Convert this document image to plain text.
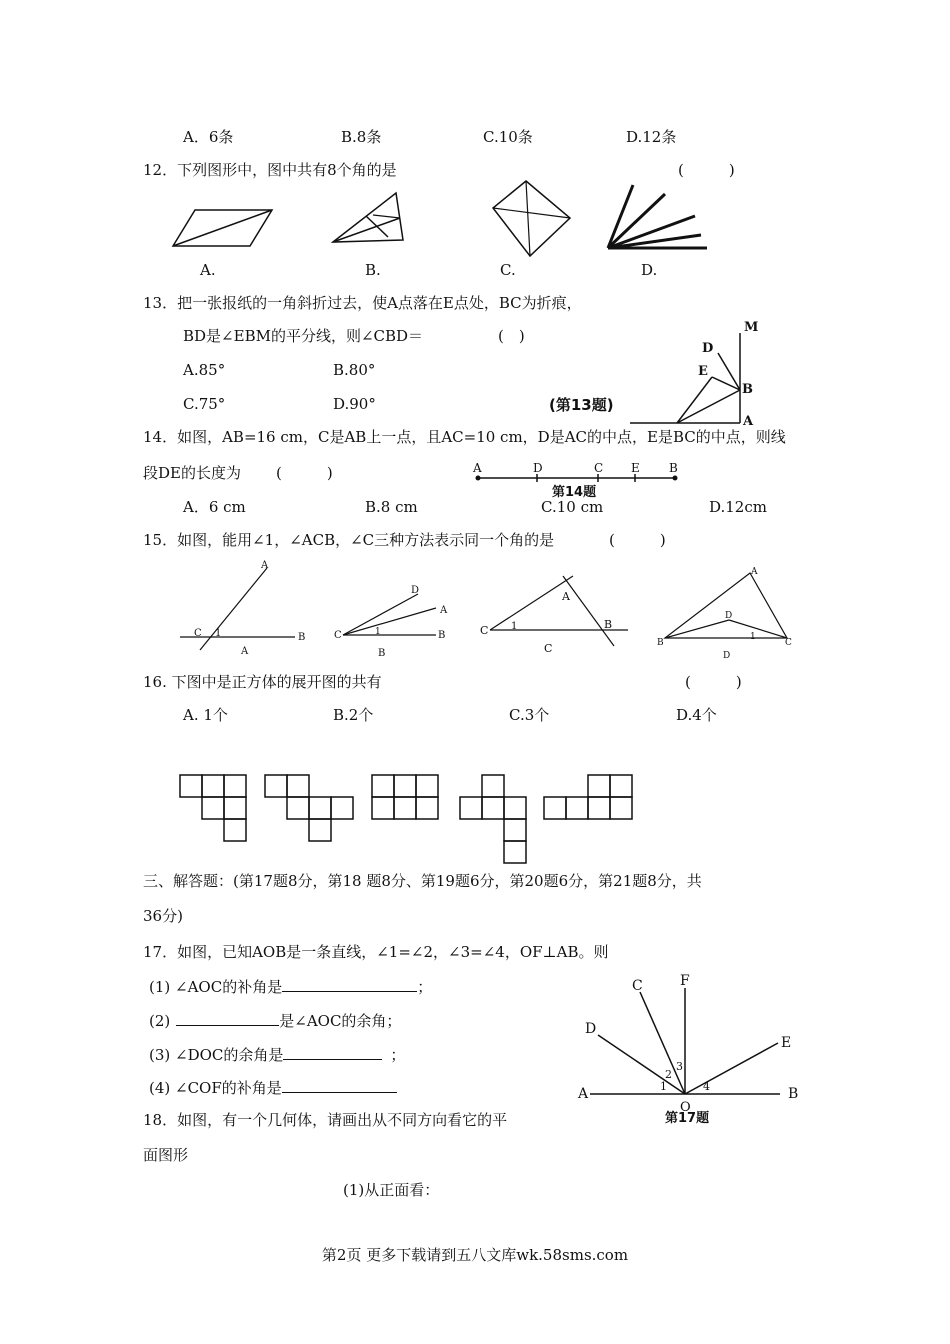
A．6条	B.8条	C.10条	D.12条
12．下列图形中，图中共有8个角的是	(　　　)
A.	B.	C.	D.
13．把一张报纸的一角斜折过去，使A点落在E点处，BC为折痕，
BD是∠EBM的平分线，则∠CBD＝	(　)
A.85°	B.80°
C.75°	D.90°	(第13题)
M
D
E
B
A
14．如图，AB=16 cm，C是AB上一点，且AC=10 cm，D是AC的中点，E是BC的中点，则线
段DE的长度为 (　　　)	A	D	C E B
第14题
A．6 cm	B.8 cm	C.10 cm	D.12cm
15．如图，能用∠1，∠ACB，∠C三种方法表示同一个角的是	(　　　)
A
C 1	B
A
D
A
C	1	B
B
A
C 1	B
C
A
D
B
1
C
D
16. 下图中是正方体的展开图的共有	(　　　)
A. 1个	B.2个	C.3个	D.4个
三、解答题：(第17题8分，第18 题8分、第19题6分，第20题6分，第21题8分，共
36分)
17．如图，已知AOB是一条直线，∠1=∠2，∠3=∠4，OF⊥AB。则
(1) ∠AOC的补角是	；
(2)	是∠AOC的余角；
(3) ∠DOC的余角是	；
(4) ∠COF的补角是
F
C
D
E
3
2
1	4
A
O
B
第17题
18．如图，有一个几何体，请画出从不同方向看它的平
面图形
(1)从正面看：
第2页 更多下载请到五八文库wk.58sms.com
